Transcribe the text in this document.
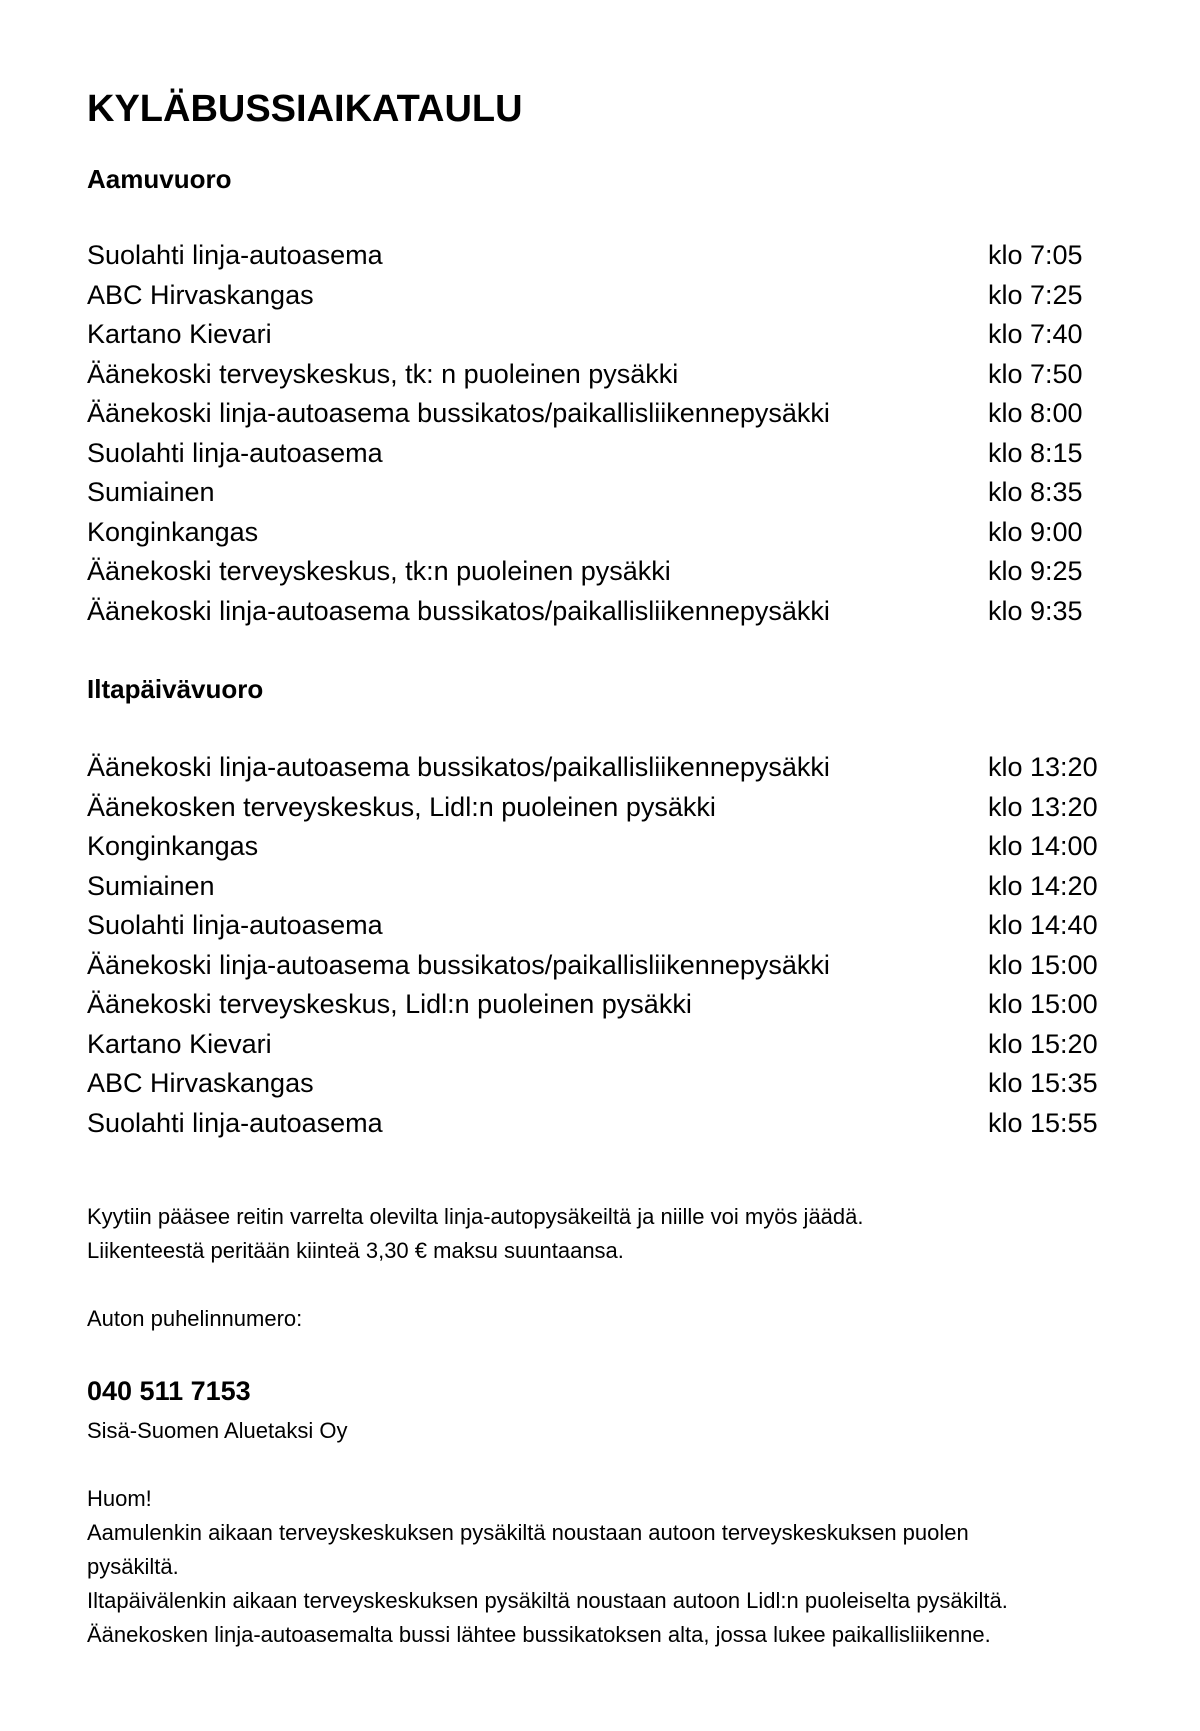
KYLÄBUSSIAIKATAULU
Aamuvuoro
Suolahti linja-autoasema	klo 7:05
ABC Hirvaskangas	klo 7:25
Kartano Kievari	klo 7:40
Äänekoski terveyskeskus, tk: n puoleinen pysäkki	klo 7:50
Äänekoski linja-autoasema bussikatos/paikallisliikennepysäkki	klo 8:00
Suolahti linja-autoasema	klo 8:15
Sumiainen	klo 8:35
Konginkangas	klo 9:00
Äänekoski terveyskeskus, tk:n puoleinen pysäkki	klo 9:25
Äänekoski linja-autoasema bussikatos/paikallisliikennepysäkki	klo 9:35
Iltapäivävuoro
Äänekoski linja-autoasema bussikatos/paikallisliikennepysäkki	klo 13:20
Äänekosken terveyskeskus, Lidl:n puoleinen pysäkki	klo 13:20
Konginkangas	klo 14:00
Sumiainen	klo 14:20
Suolahti linja-autoasema	klo 14:40
Äänekoski linja-autoasema bussikatos/paikallisliikennepysäkki	klo 15:00
Äänekoski terveyskeskus, Lidl:n puoleinen pysäkki	klo 15:00
Kartano Kievari	klo 15:20
ABC Hirvaskangas	klo 15:35
Suolahti linja-autoasema	klo 15:55
Kyytiin pääsee reitin varrelta olevilta linja-autopysäkeiltä ja niille voi myös jäädä.
Liikenteestä peritään kiinteä 3,30 € maksu suuntaansa.
Auton puhelinnumero:
040 511 7153
Sisä-Suomen Aluetaksi Oy
Huom!
Aamulenkin aikaan terveyskeskuksen pysäkiltä noustaan autoon terveyskeskuksen puolen
pysäkiltä.
Iltapäivälenkin aikaan terveyskeskuksen pysäkiltä noustaan autoon Lidl:n puoleiselta pysäkiltä.
Äänekosken linja-autoasemalta bussi lähtee bussikatoksen alta, jossa lukee paikallisliikenne.
